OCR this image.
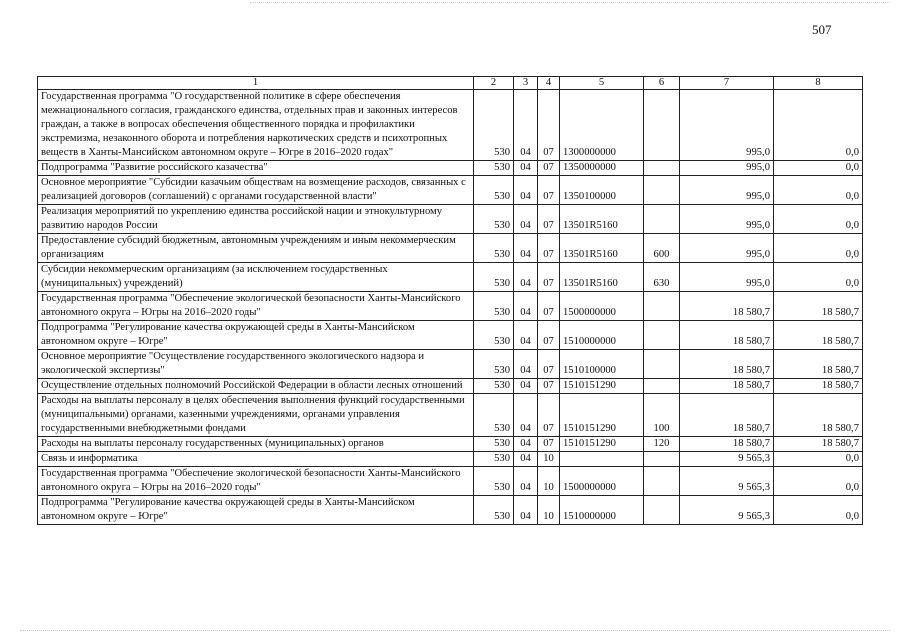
507
1	2	3	4	5	6	7	8
Государственная программа "О государственной политике в сфере обеспечения межнационального согласия, гражданского единства, отдельных прав и законных интересов граждан, а также в вопросах обеспечения общественного порядка и профилактики экстремизма, незаконного оборота и потребления наркотических средств и психотропных веществ в Ханты-Мансийском автономном округе – Югре в 2016–2020 годах"	530	04	07	1300000000		995,0	0,0
Подпрограмма "Развитие российского казачества"	530	04	07	1350000000		995,0	0,0
Основное мероприятие "Субсидии казачьим обществам на возмещение расходов, связанных с реализацией договоров (соглашений) с органами государственной власти"	530	04	07	1350100000		995,0	0,0
Реализация мероприятий по укреплению единства российской нации и этнокультурному развитию народов России	530	04	07	13501R5160		995,0	0,0
Предоставление субсидий бюджетным, автономным учреждениям и иным некоммерческим организациям	530	04	07	13501R5160	600	995,0	0,0
Субсидии некоммерческим организациям (за исключением государственных (муниципальных) учреждений)	530	04	07	13501R5160	630	995,0	0,0
Государственная программа "Обеспечение экологической безопасности Ханты-Мансийского автономного округа – Югры на 2016–2020 годы"	530	04	07	1500000000		18 580,7	18 580,7
Подпрограмма "Регулирование качества окружающей среды в Ханты-Мансийском автономном округе – Югре"	530	04	07	1510000000		18 580,7	18 580,7
Основное мероприятие "Осуществление государственного экологического надзора и экологической экспертизы"	530	04	07	1510100000		18 580,7	18 580,7
Осуществление отдельных полномочий Российской Федерации в области лесных отношений	530	04	07	1510151290		18 580,7	18 580,7
Расходы на выплаты персоналу в целях обеспечения выполнения функций государственными (муниципальными) органами, казенными учреждениями, органами управления государственными внебюджетными фондами	530	04	07	1510151290	100	18 580,7	18 580,7
Расходы на выплаты персоналу государственных (муниципальных) органов	530	04	07	1510151290	120	18 580,7	18 580,7
Связь и информатика	530	04	10			9 565,3	0,0
Государственная программа "Обеспечение экологической безопасности Ханты-Мансийского автономного округа – Югры на 2016–2020 годы"	530	04	10	1500000000		9 565,3	0,0
Подпрограмма "Регулирование качества окружающей среды в Ханты-Мансийском автономном округе – Югре"	530	04	10	1510000000		9 565,3	0,0
